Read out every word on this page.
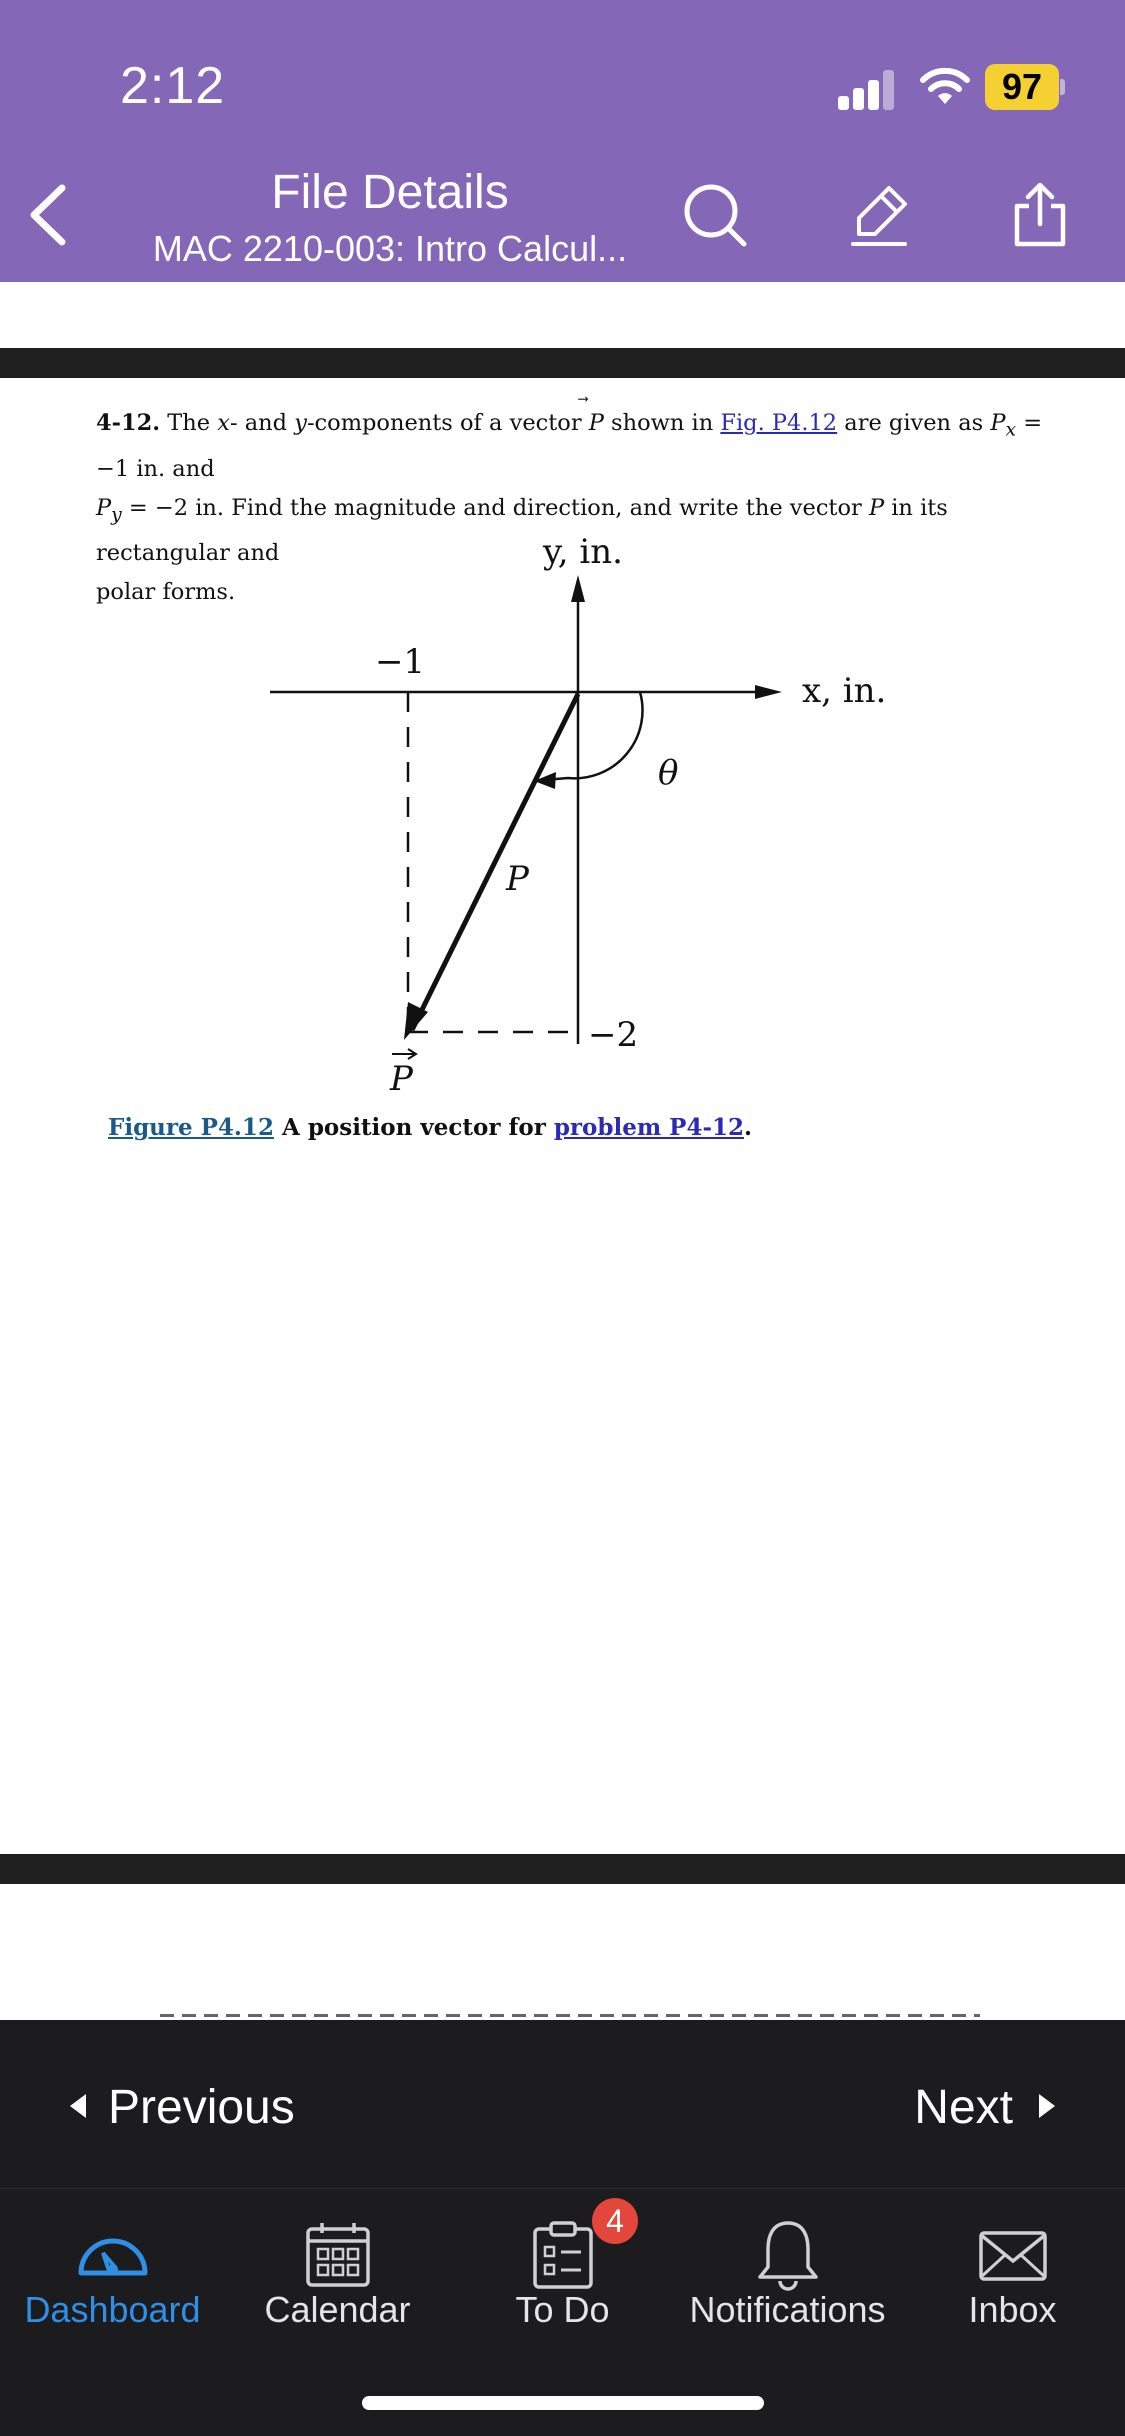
2:12	97
File Details
MAC 2210-003: Intro Calcul...
4-12. The x- and y-components of a vector P shown in Fig. P4.12 are given as $P_x = -1$ in. and
$P_y = -2$ in. Find the magnitude and direction, and write the vector P in its rectangular and
polar forms.
y, in.
x, in.
−1
−2
θ
P
P
Figure P4.12 A position vector for problem P4-12.
Previous	Next
Dashboard	Calendar	To Do	Notifications	Inbox
4
